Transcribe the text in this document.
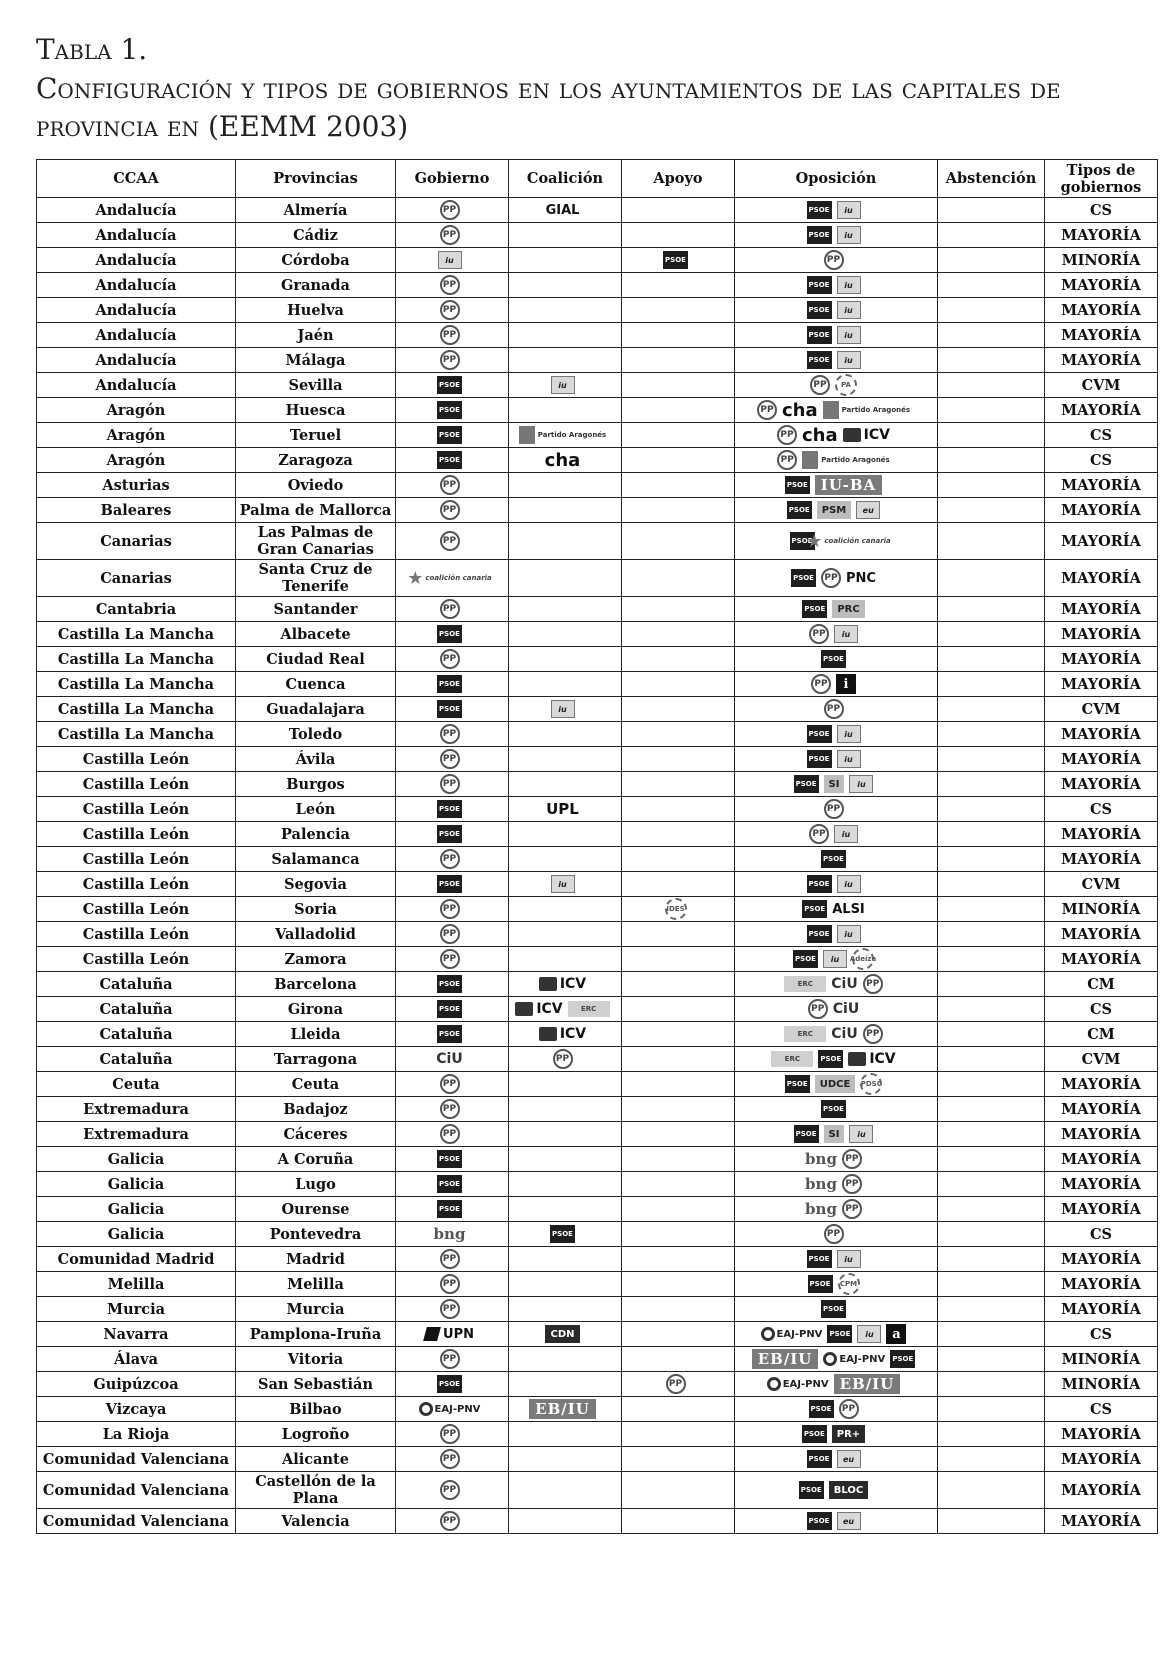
Tabla 1.
Configuración y tipos de gobiernos en los ayuntamientos de las capitales de provincia en (EEMM 2003)
CCAA	Provincias	Gobierno	Coalición	Apoyo	Oposición	Abstención	Tipos de gobiernos
Andalucía	Almería	PP	GIAL		PSOE iu		CS
Andalucía	Cádiz	PP			PSOE iu		MAYORÍA
Andalucía	Córdoba	iu		PSOE	PP		MINORÍA
Andalucía	Granada	PP			PSOE iu		MAYORÍA
Andalucía	Huelva	PP			PSOE iu		MAYORÍA
Andalucía	Jaén	PP			PSOE iu		MAYORÍA
Andalucía	Málaga	PP			PSOE iu		MAYORÍA
Andalucía	Sevilla	PSOE	iu		PP PA		CVM
Aragón	Huesca	PSOE			PP cha Partido Aragonés		MAYORÍA
Aragón	Teruel	PSOE	Partido Aragonés		PP cha ICV		CS
Aragón	Zaragoza	PSOE	cha		PP Partido Aragonés		CS
Asturias	Oviedo	PP			PSOE IU-BA		MAYORÍA
Baleares	Palma de Mallorca	PP			PSOE PSM eu		MAYORÍA
Canarias	Las Palmas de Gran Canarias	PP			PSOE ★ coalición canaria		MAYORÍA
Canarias	Santa Cruz de Tenerife	★ coalición canaria			PSOE PP PNC		MAYORÍA
Cantabria	Santander	PP			PSOE PRC		MAYORÍA
Castilla La Mancha	Albacete	PSOE			PP iu		MAYORÍA
Castilla La Mancha	Ciudad Real	PP			PSOE		MAYORÍA
Castilla La Mancha	Cuenca	PSOE			PP i		MAYORÍA
Castilla La Mancha	Guadalajara	PSOE	iu		PP		CVM
Castilla La Mancha	Toledo	PP			PSOE iu		MAYORÍA
Castilla León	Ávila	PP			PSOE iu		MAYORÍA
Castilla León	Burgos	PP			PSOE SI iu		MAYORÍA
Castilla León	León	PSOE	UPL		PP		CS
Castilla León	Palencia	PSOE			PP iu		MAYORÍA
Castilla León	Salamanca	PP			PSOE		MAYORÍA
Castilla León	Segovia	PSOE	iu		PSOE iu		CVM
Castilla León	Soria	PP		IDES	PSOE ALSI		MINORÍA
Castilla León	Valladolid	PP			PSOE iu		MAYORÍA
Castilla León	Zamora	PP			PSOE iu Adeiza		MAYORÍA
Cataluña	Barcelona	PSOE	ICV		ERC CiU PP		CM
Cataluña	Girona	PSOE	ICV ERC		PP CiU		CS
Cataluña	Lleida	PSOE	ICV		ERC CiU PP		CM
Cataluña	Tarragona	CiU	PP		ERC PSOE ICV		CVM
Ceuta	Ceuta	PP			PSOE UDCE PDSC		MAYORÍA
Extremadura	Badajoz	PP			PSOE		MAYORÍA
Extremadura	Cáceres	PP			PSOE SI iu		MAYORÍA
Galicia	A Coruña	PSOE			bng PP		MAYORÍA
Galicia	Lugo	PSOE			bng PP		MAYORÍA
Galicia	Ourense	PSOE			bng PP		MAYORÍA
Galicia	Pontevedra	bng	PSOE		PP		CS
Comunidad Madrid	Madrid	PP			PSOE iu		MAYORÍA
Melilla	Melilla	PP			PSOE CPM		MAYORÍA
Murcia	Murcia	PP			PSOE		MAYORÍA
Navarra	Pamplona-Iruña	UPN	CDN		EAJ-PNV PSOE iu a		CS
Álava	Vitoria	PP			EB/IU EAJ-PNV PSOE		MINORÍA
Guipúzcoa	San Sebastián	PSOE		PP	EAJ-PNV EB/IU		MINORÍA
Vizcaya	Bilbao	EAJ-PNV	EB/IU		PSOE PP		CS
La Rioja	Logroño	PP			PSOE PR+		MAYORÍA
Comunidad Valenciana	Alicante	PP			PSOE eu		MAYORÍA
Comunidad Valenciana	Castellón de la Plana	PP			PSOE BLOC		MAYORÍA
Comunidad Valenciana	Valencia	PP			PSOE eu		MAYORÍA
